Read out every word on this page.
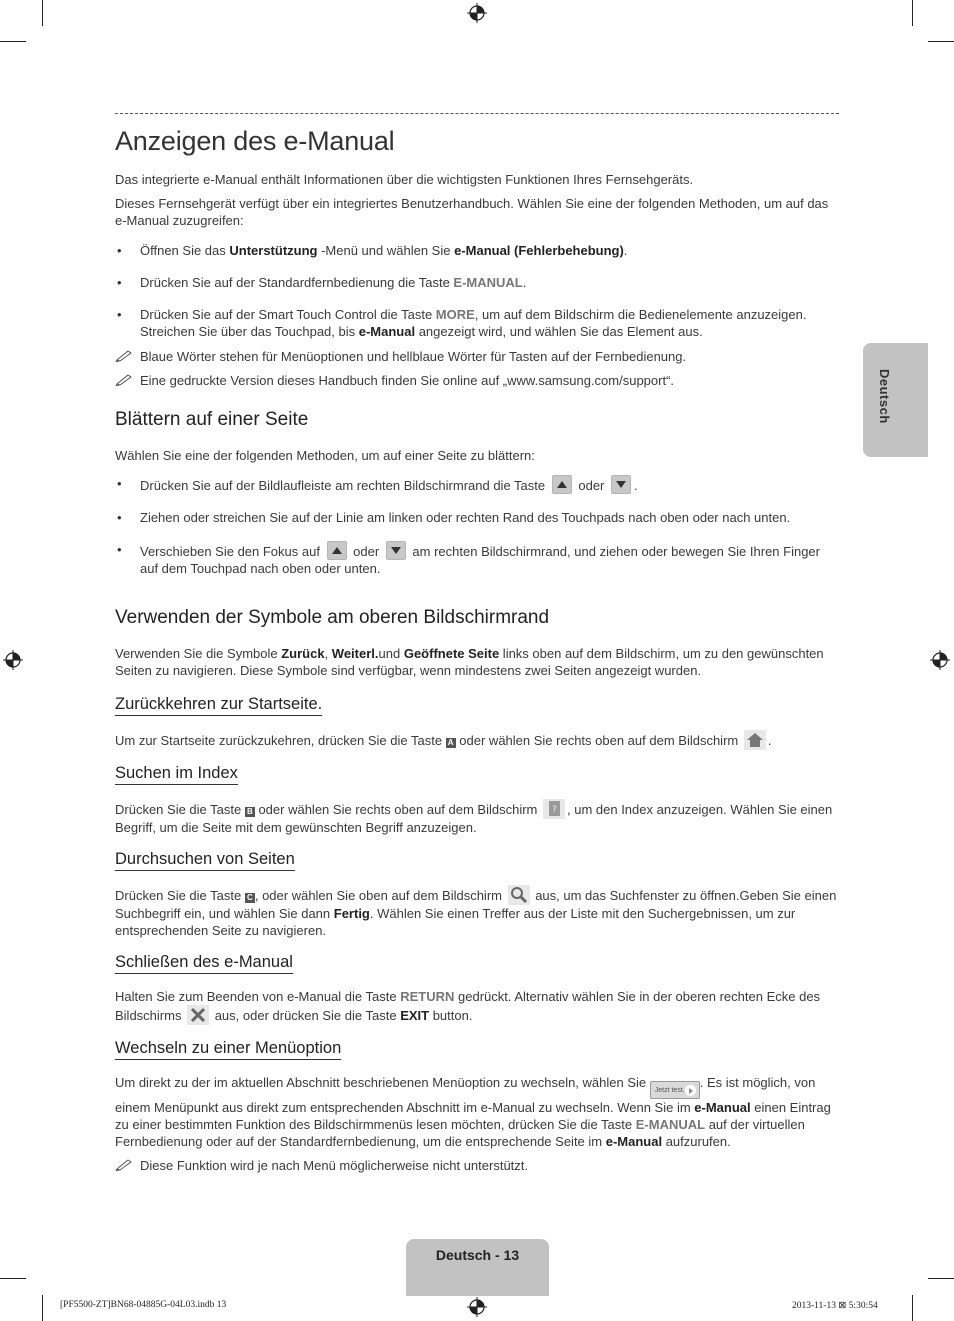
Anzeigen des e-Manual

Das integrierte e-Manual enthält Informationen über die wichtigsten Funktionen Ihres Fernsehgeräts.

Dieses Fernsehgerät verfügt über ein integriertes Benutzerhandbuch. Wählen Sie eine der folgenden Methoden, um auf das e-Manual zuzugreifen:

• Öffnen Sie das Unterstützung -Menü und wählen Sie e-Manual (Fehlerbehebung).
• Drücken Sie auf der Standardfernbedienung die Taste E-MANUAL.
• Drücken Sie auf der Smart Touch Control die Taste MORE, um auf dem Bildschirm die Bedienelemente anzuzeigen. Streichen Sie über das Touchpad, bis e-Manual angezeigt wird, und wählen Sie das Element aus.
Blaue Wörter stehen für Menüoptionen und hellblaue Wörter für Tasten auf der Fernbedienung.
Eine gedruckte Version dieses Handbuch finden Sie online auf „www.samsung.com/support“.
Blättern auf einer Seite

Wählen Sie eine der folgenden Methoden, um auf einer Seite zu blättern:

• Drücken Sie auf der Bildlaufleiste am rechten Bildschirmrand die Taste  oder .
• Ziehen oder streichen Sie auf der Linie am linken oder rechten Rand des Touchpads nach oben oder nach unten.
• Verschieben Sie den Fokus auf  oder  am rechten Bildschirmrand, und ziehen oder bewegen Sie Ihren Finger auf dem Touchpad nach oben oder unten.
Verwenden der Symbole am oberen Bildschirmrand

Verwenden Sie die Symbole Zurück, Weiterl.und Geöffnete Seite links oben auf dem Bildschirm, um zu den gewünschten Seiten zu navigieren. Diese Symbole sind verfügbar, wenn mindestens zwei Seiten angezeigt wurden.

Zurückkehren zur Startseite.

Um zur Startseite zurückzukehren, drücken Sie die Taste A oder wählen Sie rechts oben auf dem Bildschirm .

Suchen im Index

Drücken Sie die Taste B oder wählen Sie rechts oben auf dem Bildschirm ? , um den Index anzuzeigen. Wählen Sie einen Begriff, um die Seite mit dem gewünschten Begriff anzuzeigen.

Durchsuchen von Seiten

Drücken Sie die Taste C , oder wählen Sie oben auf dem Bildschirm  aus, um das Suchfenster zu öffnen.Geben Sie einen Suchbegriff ein, und wählen Sie dann Fertig. Wählen Sie einen Treffer aus der Liste mit den Suchergebnissen, um zur entsprechenden Seite zu navigieren.

Schließen des e-Manual

Halten Sie zum Beenden von e-Manual die Taste RETURN gedrückt. Alternativ wählen Sie in der oberen rechten Ecke des Bildschirms  aus, oder drücken Sie die Taste EXIT button.

Wechseln zu einer Menüoption

Um direkt zu der im aktuellen Abschnitt beschriebenen Menüoption zu wechseln, wählen Sie Jetzt test.
. Es ist möglich, von einem Menüpunkt aus direkt zum entsprechenden Abschnitt im e-Manual zu wechseln. Wenn Sie im e-Manual einen Eintrag zu einer bestimmten Funktion des Bildschirmmenüs lesen möchten, drücken Sie die Taste E-MANUAL auf der virtuellen Fernbedienung oder auf der Standardfernbedienung, um die entsprechende Seite im e-Manual aufzurufen.

Diese Funktion wird je nach Menü möglicherweise nicht unterstützt.
Deutsch
Deutsch - 13
[PF5500-ZT]BN68-04885G-04L03.indb 13	2013-11-13 ⊠ 5:30:54
